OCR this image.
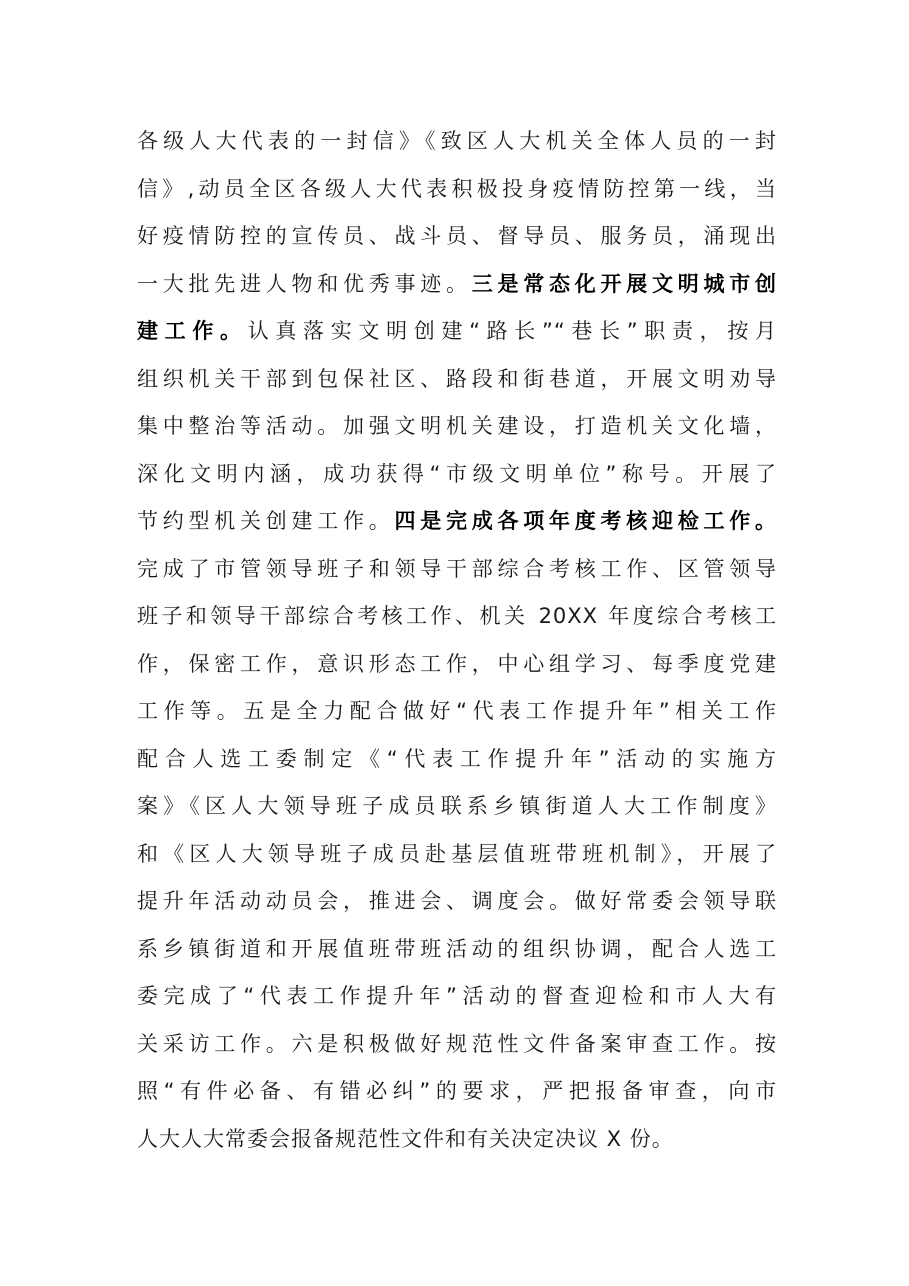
各级人大代表的一封信》《致区人大机关全体人员的一封
信》,动员全区各级人大代表积极投身疫情防控第一线，当
好疫情防控的宣传员、战斗员、督导员、服务员，涌现出
一大批先进人物和优秀事迹。三是常态化开展文明城市创
建工作。认真落实文明创建“路长”“巷长”职责，按月
组织机关干部到包保社区、路段和街巷道，开展文明劝导
集中整治等活动。加强文明机关建设，打造机关文化墙，
深化文明内涵，成功获得“市级文明单位”称号。开展了
节约型机关创建工作。四是完成各项年度考核迎检工作。
完成了市管领导班子和领导干部综合考核工作、区管领导
班子和领导干部综合考核工作、机关 20XX 年度综合考核工
作，保密工作，意识形态工作，中心组学习、每季度党建
工作等。五是全力配合做好“代表工作提升年”相关工作
配合人选工委制定《“代表工作提升年”活动的实施方
案》《区人大领导班子成员联系乡镇街道人大工作制度》
和《区人大领导班子成员赴基层值班带班机制》，开展了
提升年活动动员会，推进会、调度会。做好常委会领导联
系乡镇街道和开展值班带班活动的组织协调，配合人选工
委完成了“代表工作提升年”活动的督查迎检和市人大有
关采访工作。六是积极做好规范性文件备案审查工作。按
照“有件必备、有错必纠”的要求，严把报备审查，向市
人大人大常委会报备规范性文件和有关决定决议 X 份。
